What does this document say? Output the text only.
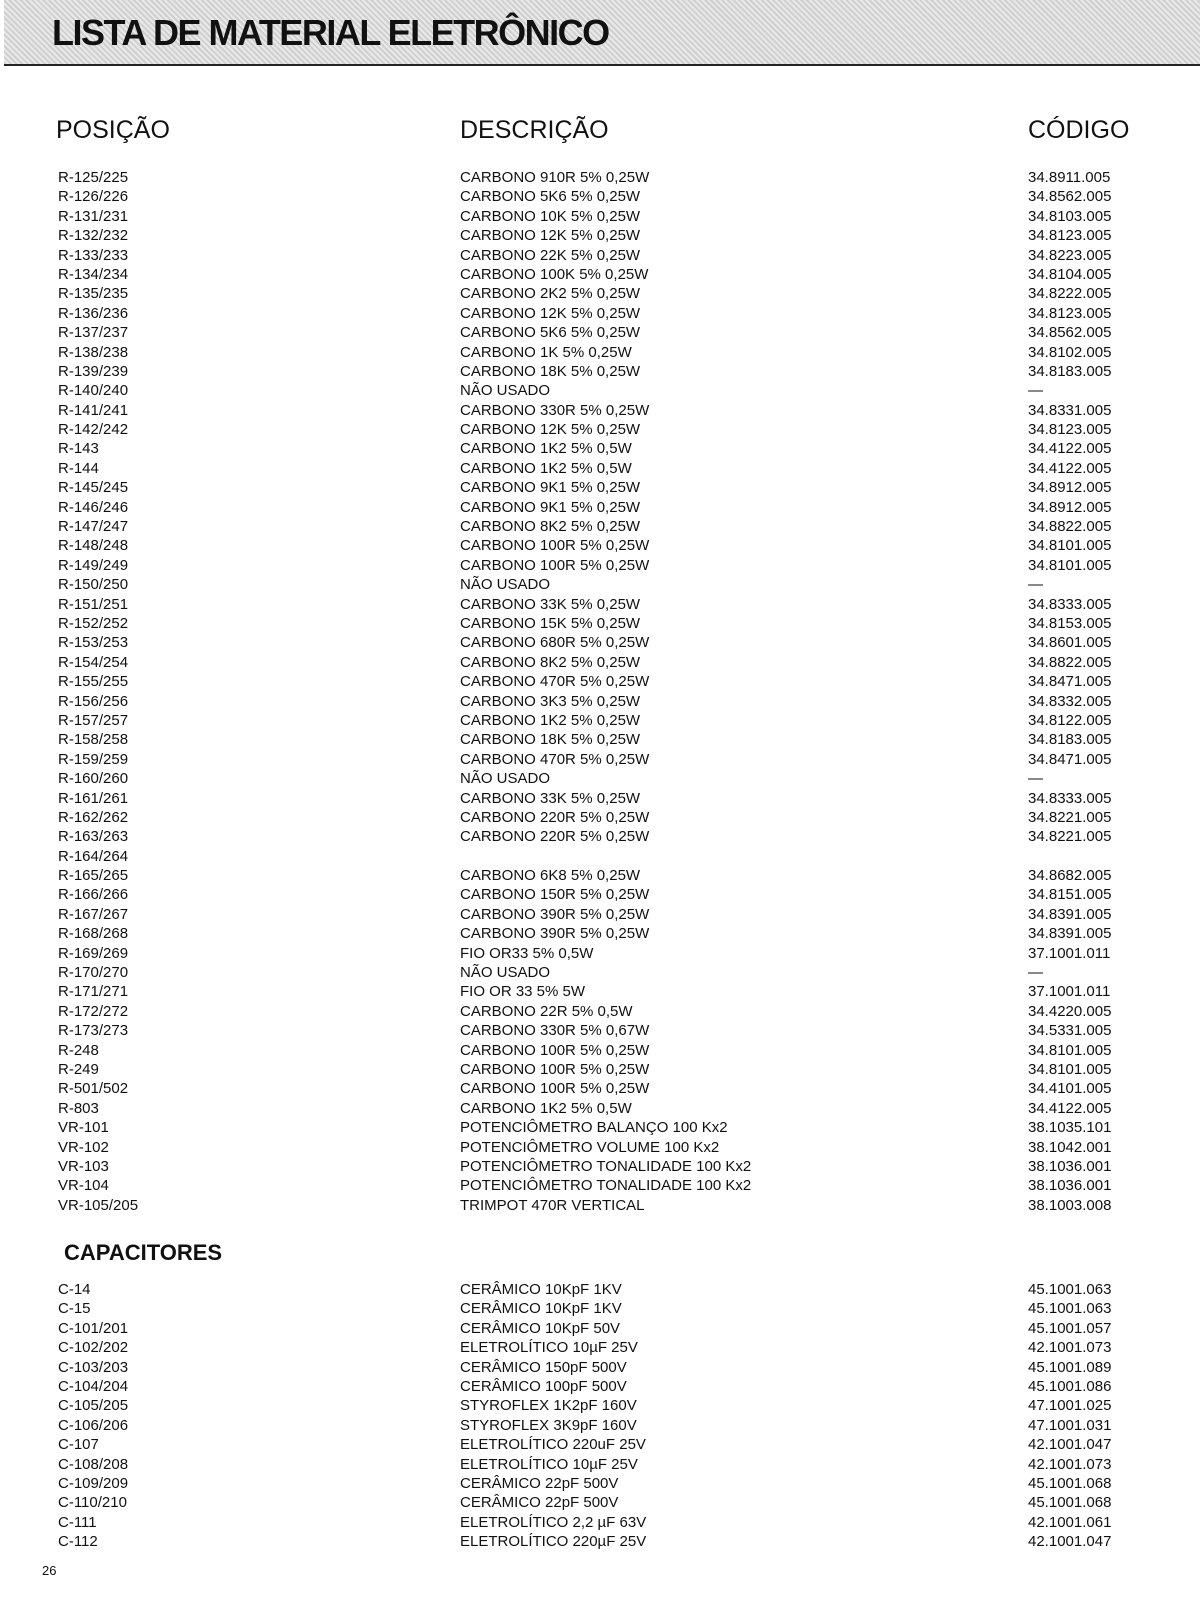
LISTA DE MATERIAL ELETRÔNICO
POSIÇÃO	DESCRIÇÃO	CÓDIGO
R-125/225
R-126/226
R-131/231
R-132/232
R-133/233
R-134/234
R-135/235
R-136/236
R-137/237
R-138/238
R-139/239
R-140/240
R-141/241
R-142/242
R-143
R-144
R-145/245
R-146/246
R-147/247
R-148/248
R-149/249
R-150/250
R-151/251
R-152/252
R-153/253
R-154/254
R-155/255
R-156/256
R-157/257
R-158/258
R-159/259
R-160/260
R-161/261
R-162/262
R-163/263
R-164/264
R-165/265
R-166/266
R-167/267
R-168/268
R-169/269
R-170/270
R-171/271
R-172/272
R-173/273
R-248
R-249
R-501/502
R-803
VR-101
VR-102
VR-103
VR-104
VR-105/205
CARBONO 910R 5% 0,25W
CARBONO 5K6 5% 0,25W
CARBONO 10K 5% 0,25W
CARBONO 12K 5% 0,25W
CARBONO 22K 5% 0,25W
CARBONO 100K 5% 0,25W
CARBONO 2K2 5% 0,25W
CARBONO 12K 5% 0,25W
CARBONO 5K6 5% 0,25W
CARBONO 1K 5% 0,25W
CARBONO 18K 5% 0,25W
NÃO USADO
CARBONO 330R 5% 0,25W
CARBONO 12K 5% 0,25W
CARBONO 1K2 5% 0,5W
CARBONO 1K2 5% 0,5W
CARBONO 9K1 5% 0,25W
CARBONO 9K1 5% 0,25W
CARBONO 8K2 5% 0,25W
CARBONO 100R 5% 0,25W
CARBONO 100R 5% 0,25W
NÃO USADO
CARBONO 33K 5% 0,25W
CARBONO 15K 5% 0,25W
CARBONO 680R 5% 0,25W
CARBONO 8K2 5% 0,25W
CARBONO 470R 5% 0,25W
CARBONO 3K3 5% 0,25W
CARBONO 1K2 5% 0,25W
CARBONO 18K 5% 0,25W
CARBONO 470R 5% 0,25W
NÃO USADO
CARBONO 33K 5% 0,25W
CARBONO 220R 5% 0,25W
CARBONO 220R 5% 0,25W
CARBONO 6K8 5% 0,25W
CARBONO 150R 5% 0,25W
CARBONO 390R 5% 0,25W
CARBONO 390R 5% 0,25W
FIO OR33 5% 0,5W
NÃO USADO
FIO OR 33 5% 5W
CARBONO 22R 5% 0,5W
CARBONO 330R 5% 0,67W
CARBONO 100R 5% 0,25W
CARBONO 100R 5% 0,25W
CARBONO 100R 5% 0,25W
CARBONO 1K2 5% 0,5W
POTENCIÔMETRO BALANÇO 100 Kx2
POTENCIÔMETRO VOLUME 100 Kx2
POTENCIÔMETRO TONALIDADE 100 Kx2
POTENCIÔMETRO TONALIDADE 100 Kx2
TRIMPOT 470R VERTICAL
34.8911.005
34.8562.005
34.8103.005
34.8123.005
34.8223.005
34.8104.005
34.8222.005
34.8123.005
34.8562.005
34.8102.005
34.8183.005
—
34.8331.005
34.8123.005
34.4122.005
34.4122.005
34.8912.005
34.8912.005
34.8822.005
34.8101.005
34.8101.005
—
34.8333.005
34.8153.005
34.8601.005
34.8822.005
34.8471.005
34.8332.005
34.8122.005
34.8183.005
34.8471.005
—
34.8333.005
34.8221.005
34.8221.005
34.8682.005
34.8151.005
34.8391.005
34.8391.005
37.1001.011
—
37.1001.011
34.4220.005
34.5331.005
34.8101.005
34.8101.005
34.4101.005
34.4122.005
38.1035.101
38.1042.001
38.1036.001
38.1036.001
38.1003.008
CAPACITORES
C-14
C-15
C-101/201
C-102/202
C-103/203
C-104/204
C-105/205
C-106/206
C-107
C-108/208
C-109/209
C-110/210
C-111
C-112
CERÂMICO 10KpF 1KV
CERÂMICO 10KpF 1KV
CERÂMICO 10KpF 50V
ELETROLÍTICO 10µF 25V
CERÂMICO 150pF 500V
CERÂMICO 100pF 500V
STYROFLEX 1K2pF 160V
STYROFLEX 3K9pF 160V
ELETROLÍTICO 220uF 25V
ELETROLÍTICO 10µF 25V
CERÂMICO 22pF 500V
CERÂMICO 22pF 500V
ELETROLÍTICO 2,2 µF 63V
ELETROLÍTICO 220µF 25V
45.1001.063
45.1001.063
45.1001.057
42.1001.073
45.1001.089
45.1001.086
47.1001.025
47.1001.031
42.1001.047
42.1001.073
45.1001.068
45.1001.068
42.1001.061
42.1001.047
26
